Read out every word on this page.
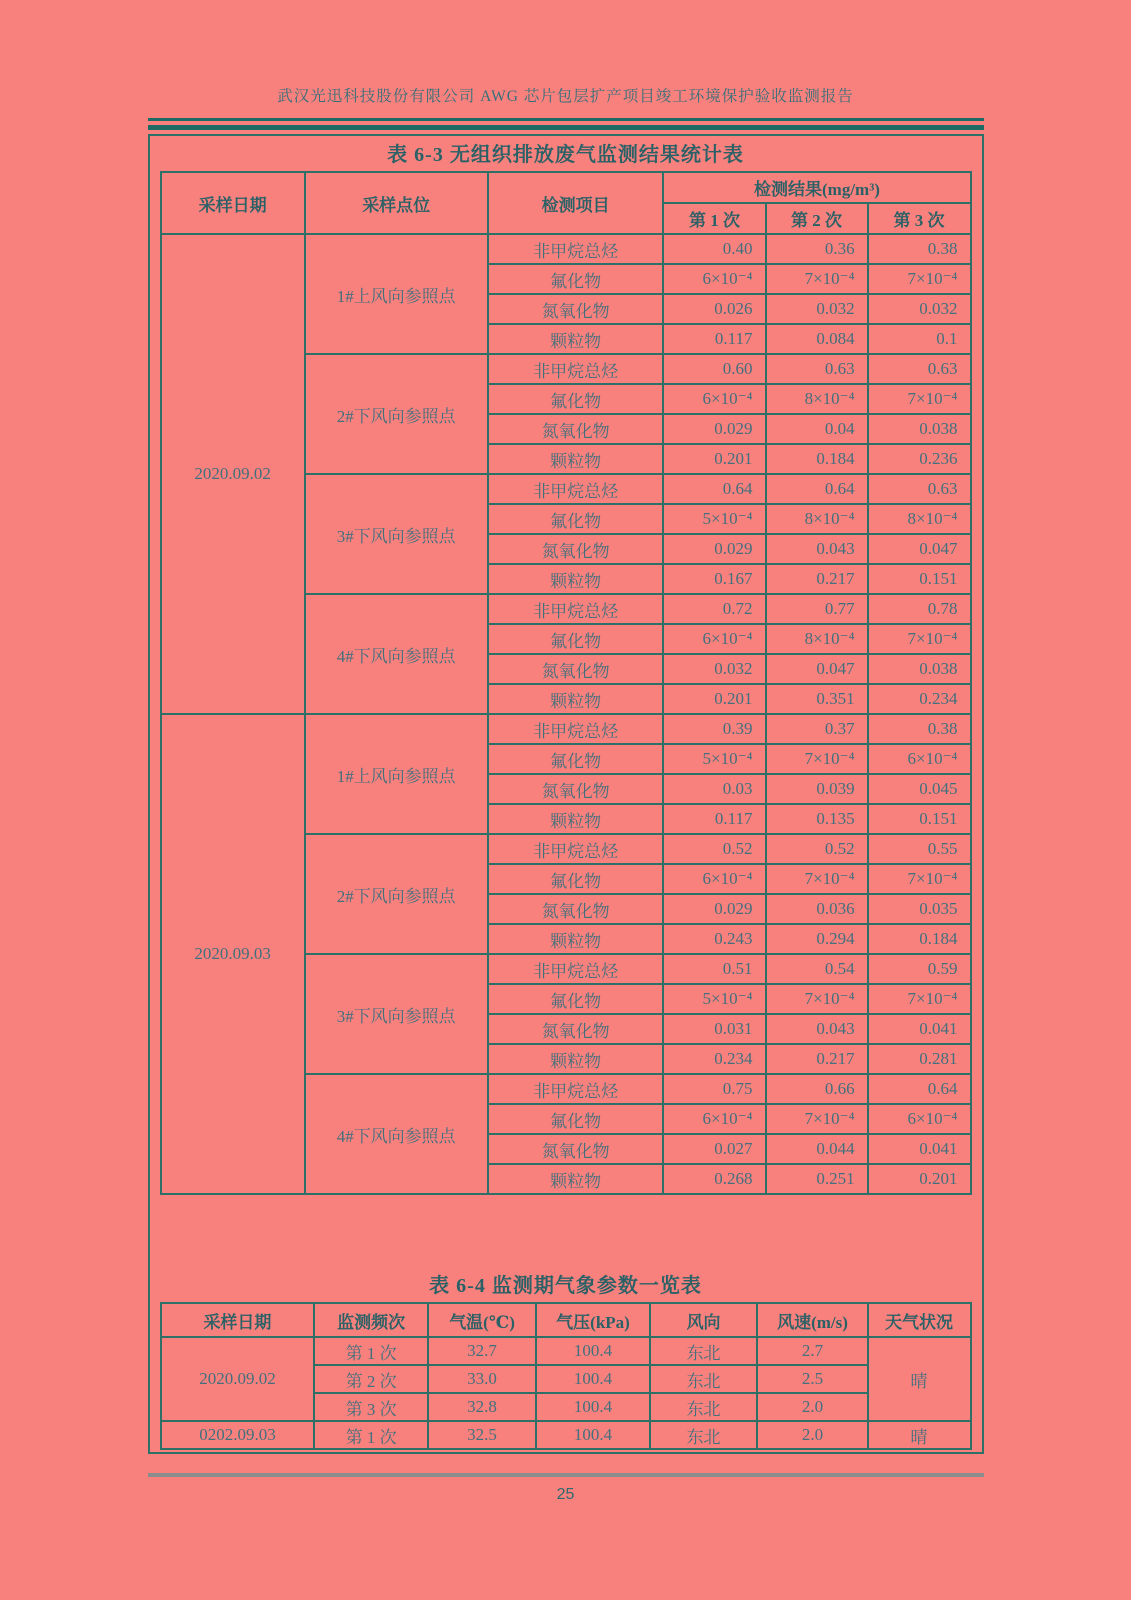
武汉光迅科技股份有限公司 AWG 芯片包层扩产项目竣工环境保护验收监测报告
表 6-3 无组织排放废气监测结果统计表
采样日期	采样点位	检测项目	检测结果(mg/m³)		
			第 1 次	第 2 次	第 3 次
2020.09.02	1#上风向参照点	非甲烷总烃	0.40	0.36	0.38
		氟化物	6×10⁻⁴	7×10⁻⁴	7×10⁻⁴
		氮氧化物	0.026	0.032	0.032
		颗粒物	0.117	0.084	0.1
	2#下风向参照点	非甲烷总烃	0.60	0.63	0.63
		氟化物	6×10⁻⁴	8×10⁻⁴	7×10⁻⁴
		氮氧化物	0.029	0.04	0.038
		颗粒物	0.201	0.184	0.236
	3#下风向参照点	非甲烷总烃	0.64	0.64	0.63
		氟化物	5×10⁻⁴	8×10⁻⁴	8×10⁻⁴
		氮氧化物	0.029	0.043	0.047
		颗粒物	0.167	0.217	0.151
	4#下风向参照点	非甲烷总烃	0.72	0.77	0.78
		氟化物	6×10⁻⁴	8×10⁻⁴	7×10⁻⁴
		氮氧化物	0.032	0.047	0.038
		颗粒物	0.201	0.351	0.234
2020.09.03	1#上风向参照点	非甲烷总烃	0.39	0.37	0.38
		氟化物	5×10⁻⁴	7×10⁻⁴	6×10⁻⁴
		氮氧化物	0.03	0.039	0.045
		颗粒物	0.117	0.135	0.151
	2#下风向参照点	非甲烷总烃	0.52	0.52	0.55
		氟化物	6×10⁻⁴	7×10⁻⁴	7×10⁻⁴
		氮氧化物	0.029	0.036	0.035
		颗粒物	0.243	0.294	0.184
	3#下风向参照点	非甲烷总烃	0.51	0.54	0.59
		氟化物	5×10⁻⁴	7×10⁻⁴	7×10⁻⁴
		氮氧化物	0.031	0.043	0.041
		颗粒物	0.234	0.217	0.281
	4#下风向参照点	非甲烷总烃	0.75	0.66	0.64
		氟化物	6×10⁻⁴	7×10⁻⁴	6×10⁻⁴
		氮氧化物	0.027	0.044	0.041
		颗粒物	0.268	0.251	0.201
表 6-4 监测期气象参数一览表
采样日期	监测频次	气温(℃)	气压(kPa)	风向	风速(m/s)	天气状况
2020.09.02	第 1 次	32.7	100.4	东北	2.7	晴
	第 2 次	33.0	100.4	东北	2.5	
	第 3 次	32.8	100.4	东北	2.0	
0202.09.03	第 1 次	32.5	100.4	东北	2.0	晴
25
